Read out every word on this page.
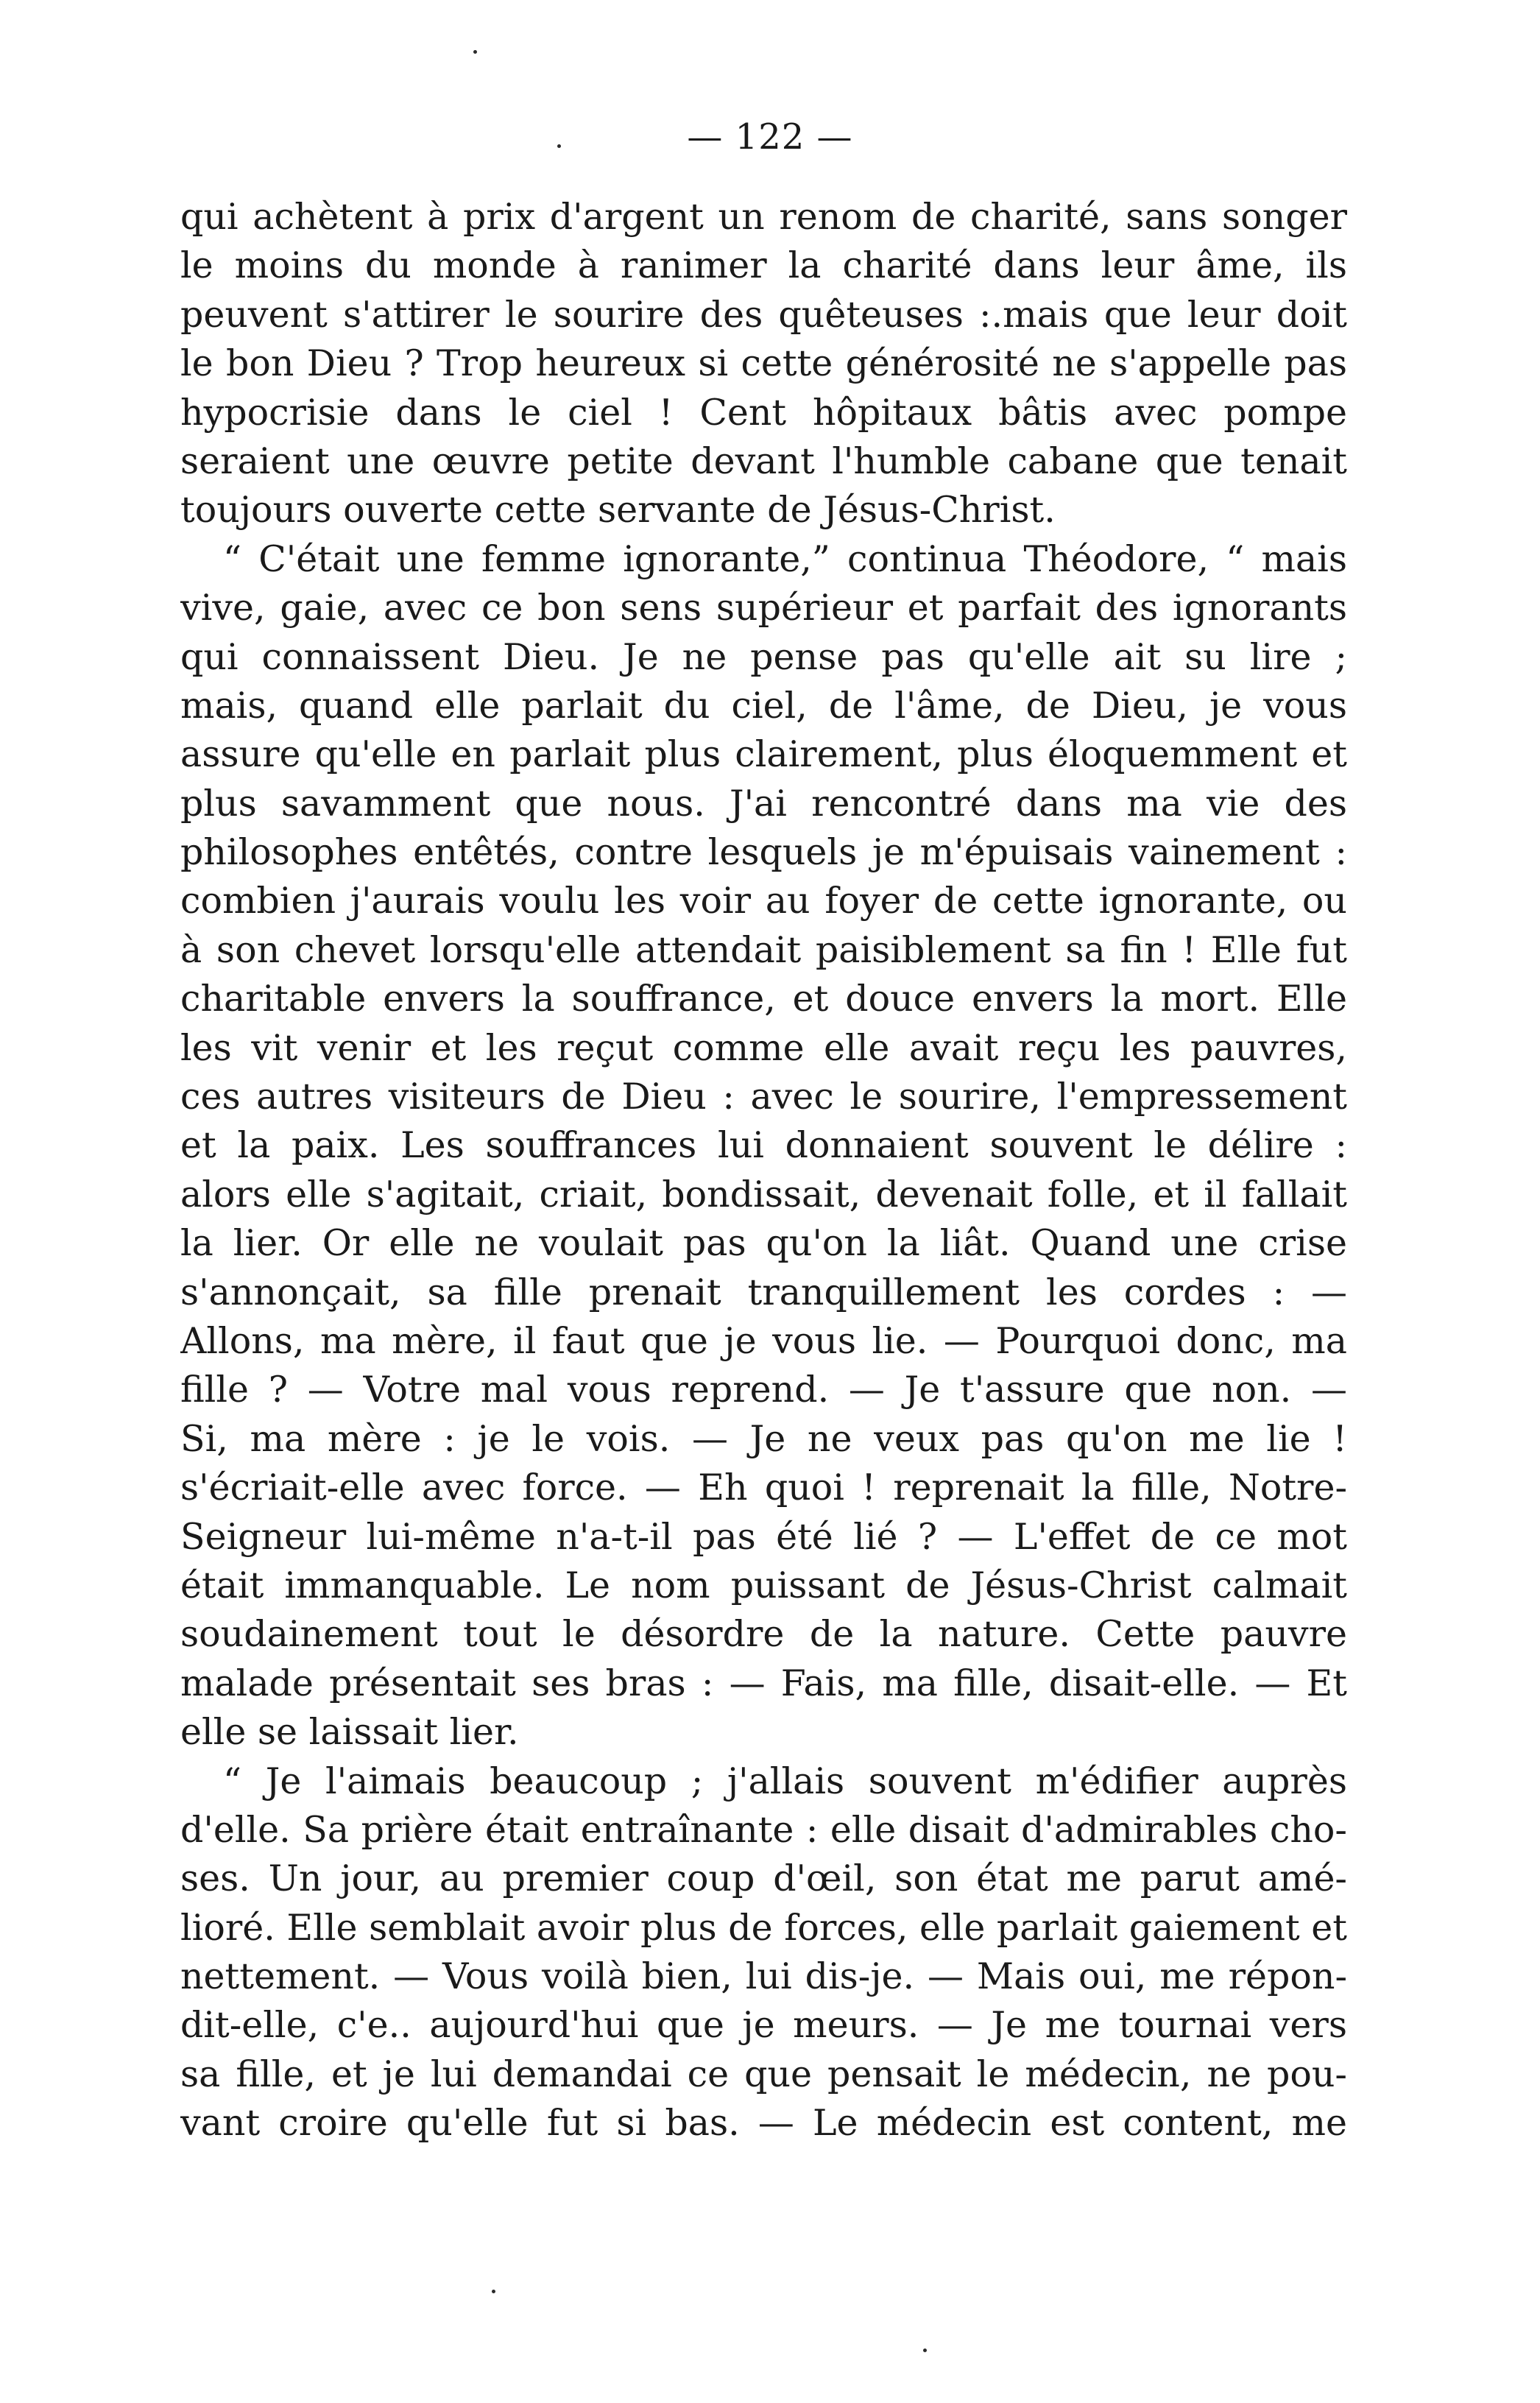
— 122 —
qui achètent à prix d'argent un renom de charité, sans songer
le moins du monde à ranimer la charité dans leur âme, ils
peuvent s'attirer le sourire des quêteuses :.mais que leur doit
le bon Dieu ? Trop heureux si cette générosité ne s'appelle pas
hypocrisie dans le ciel ! Cent hôpitaux bâtis avec pompe
seraient une œuvre petite devant l'humble cabane que tenait
toujours ouverte cette servante de Jésus-Christ.
“ C'était une femme ignorante,” continua Théodore, “ mais
vive, gaie, avec ce bon sens supérieur et parfait des ignorants
qui connaissent Dieu. Je ne pense pas qu'elle ait su lire ;
mais, quand elle parlait du ciel, de l'âme, de Dieu, je vous
assure qu'elle en parlait plus clairement, plus éloquemment et
plus savamment que nous. J'ai rencontré dans ma vie des
philosophes entêtés, contre lesquels je m'épuisais vainement :
combien j'aurais voulu les voir au foyer de cette ignorante, ou
à son chevet lorsqu'elle attendait paisiblement sa fin ! Elle fut
charitable envers la souffrance, et douce envers la mort. Elle
les vit venir et les reçut comme elle avait reçu les pauvres,
ces autres visiteurs de Dieu : avec le sourire, l'empressement
et la paix. Les souffrances lui donnaient souvent le délire :
alors elle s'agitait, criait, bondissait, devenait folle, et il fallait
la lier. Or elle ne voulait pas qu'on la liât. Quand une crise
s'annonçait, sa fille prenait tranquillement les cordes : —
Allons, ma mère, il faut que je vous lie. — Pourquoi donc, ma
fille ? — Votre mal vous reprend. — Je t'assure que non. —
Si, ma mère : je le vois. — Je ne veux pas qu'on me lie !
s'écriait-elle avec force. — Eh quoi ! reprenait la fille, Notre-
Seigneur lui-même n'a-t-il pas été lié ? — L'effet de ce mot
était immanquable. Le nom puissant de Jésus-Christ calmait
soudainement tout le désordre de la nature. Cette pauvre
malade présentait ses bras : — Fais, ma fille, disait-elle. — Et
elle se laissait lier.
“ Je l'aimais beaucoup ; j'allais souvent m'édifier auprès
d'elle. Sa prière était entraînante : elle disait d'admirables cho-
ses. Un jour, au premier coup d'œil, son état me parut amé-
lioré. Elle semblait avoir plus de forces, elle parlait gaiement et
nettement. — Vous voilà bien, lui dis-je. — Mais oui, me répon-
dit-elle, c'e.. aujourd'hui que je meurs. — Je me tournai vers
sa fille, et je lui demandai ce que pensait le médecin, ne pou-
vant croire qu'elle fut si bas. — Le médecin est content, me
